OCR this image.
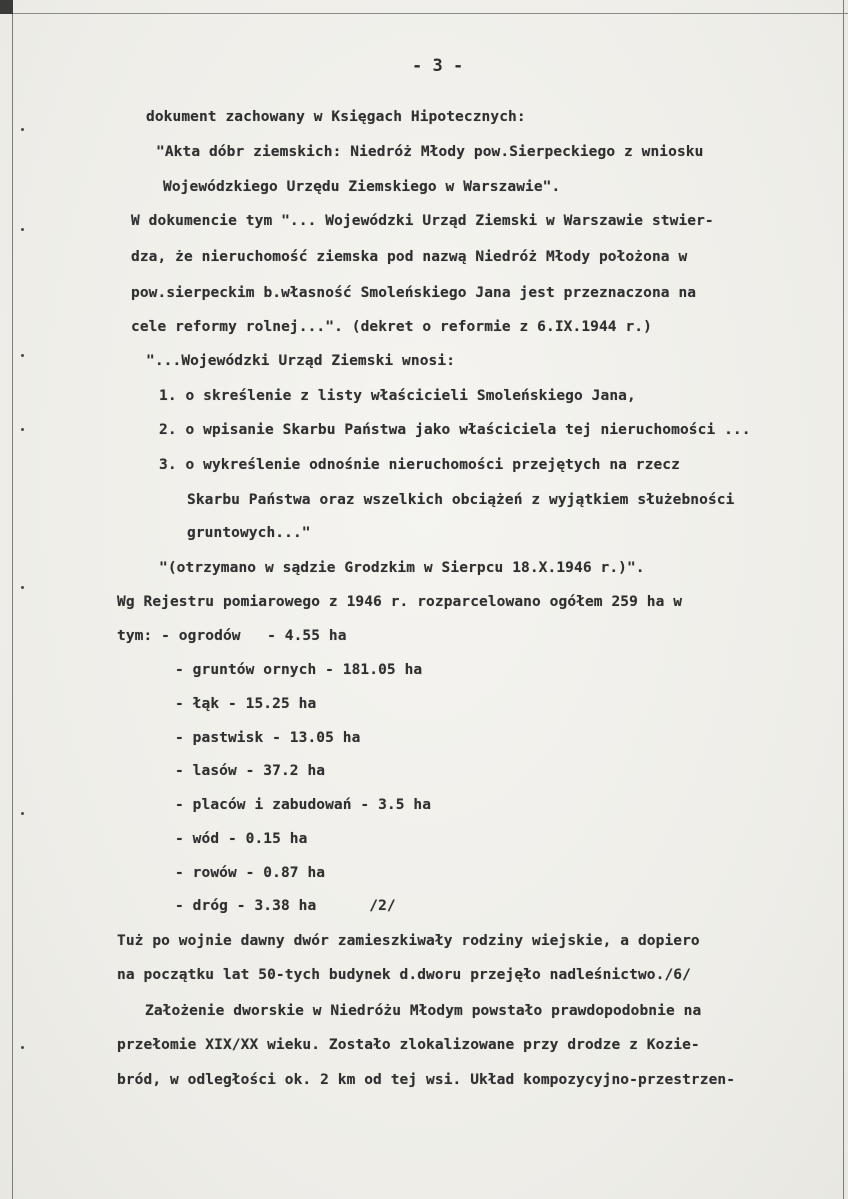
- 3 -
dokument zachowany w Księgach Hipotecznych:
"Akta dóbr ziemskich: Niedróż Młody pow.Sierpeckiego z wniosku
Wojewódzkiego Urzędu Ziemskiego w Warszawie".
W dokumencie tym "... Wojewódzki Urząd Ziemski w Warszawie stwier-
dza, że nieruchomość ziemska pod nazwą Niedróż Młody położona w
pow.sierpeckim b.własność Smoleńskiego Jana jest przeznaczona na
cele reformy rolnej...". (dekret o reformie z 6.IX.1944 r.)
"...Wojewódzki Urząd Ziemski wnosi:
1. o skreślenie z listy właścicieli Smoleńskiego Jana,
2. o wpisanie Skarbu Państwa jako właściciela tej nieruchomości ...
3. o wykreślenie odnośnie nieruchomości przejętych na rzecz
Skarbu Państwa oraz wszelkich obciążeń z wyjątkiem służebności
gruntowych..."
"(otrzymano w sądzie Grodzkim w Sierpcu 18.X.1946 r.)".
Wg Rejestru pomiarowego z 1946 r. rozparcelowano ogółem 259 ha w
tym: - ogrodów   - 4.55 ha
- gruntów ornych - 181.05 ha
- łąk - 15.25 ha
- pastwisk - 13.05 ha
- lasów - 37.2 ha
- placów i zabudowań - 3.5 ha
- wód - 0.15 ha
- rowów - 0.87 ha
- dróg - 3.38 ha      /2/
Tuż po wojnie dawny dwór zamieszkiwały rodziny wiejskie, a dopiero
na początku lat 50-tych budynek d.dworu przejęło nadleśnictwo./6/
Założenie dworskie w Niedróżu Młodym powstało prawdopodobnie na
przełomie XIX/XX wieku. Zostało zlokalizowane przy drodze z Kozie-
bród, w odległości ok. 2 km od tej wsi. Układ kompozycyjno-przestrzen-
